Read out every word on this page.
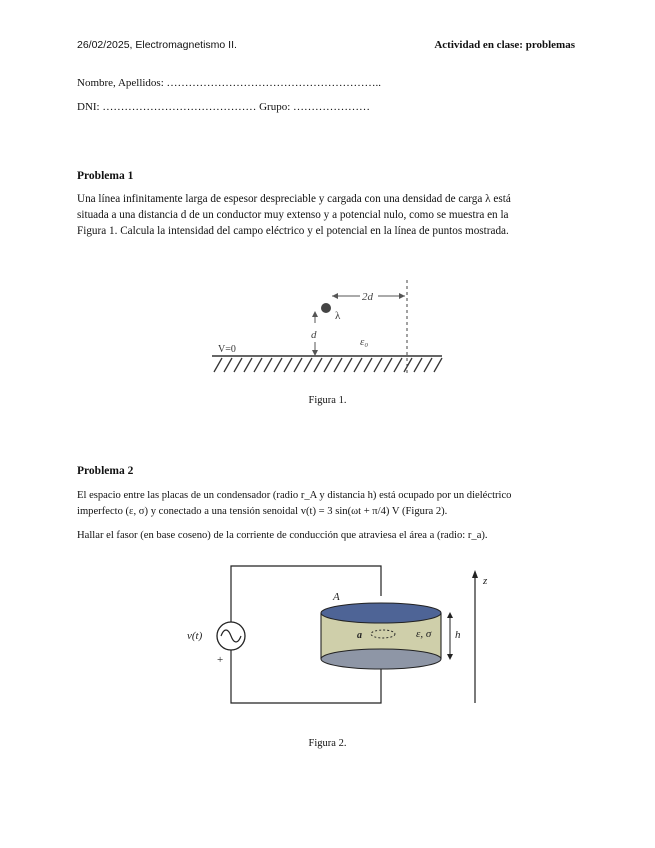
26/02/2025, Electromagnetismo II.	Actividad en clase: problemas
Nombre, Apellidos: …………………………………………………..
DNI: …………………………………… Grupo: …………………
Problema 1
Una línea infinitamente larga de espesor despreciable y cargada con una densidad de carga λ está
situada a una distancia d de un conductor muy extenso y a potencial nulo, como se muestra en la
Figura 1. Calcula la intensidad del campo eléctrico y el potencial en la línea de puntos mostrada.
λ
2d
d
V=0
ε₀
Figura 1.
Problema 2
El espacio entre las placas de un condensador (radio r_A y distancia h) está ocupado por un dieléctrico
imperfecto (ε, σ) y conectado a una tensión senoidal v(t) = 3 sin(ωt + π/4) V (Figura 2).
Hallar el fasor (en base coseno) de la corriente de conducción que atraviesa el área a (radio: r_a).
v(t)
+
a	ε, σ
A
h
z
Figura 2.
